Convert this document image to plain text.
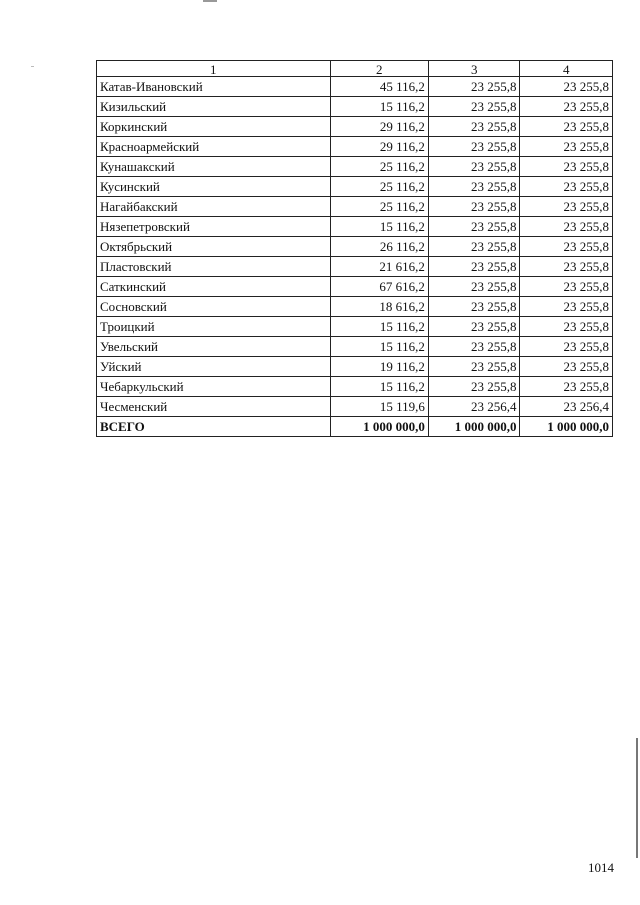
1	2	3	4
Катав-Ивановский	45 116,2	23 255,8	23 255,8
Кизильский	15 116,2	23 255,8	23 255,8
Коркинский	29 116,2	23 255,8	23 255,8
Красноармейский	29 116,2	23 255,8	23 255,8
Кунашакский	25 116,2	23 255,8	23 255,8
Кусинский	25 116,2	23 255,8	23 255,8
Нагайбакский	25 116,2	23 255,8	23 255,8
Нязепетровский	15 116,2	23 255,8	23 255,8
Октябрьский	26 116,2	23 255,8	23 255,8
Пластовский	21 616,2	23 255,8	23 255,8
Саткинский	67 616,2	23 255,8	23 255,8
Сосновский	18 616,2	23 255,8	23 255,8
Троицкий	15 116,2	23 255,8	23 255,8
Увельский	15 116,2	23 255,8	23 255,8
Уйский	19 116,2	23 255,8	23 255,8
Чебаркульский	15 116,2	23 255,8	23 255,8
Чесменский	15 119,6	23 256,4	23 256,4
ВСЕГО	1 000 000,0	1 000 000,0	1 000 000,0
1014
